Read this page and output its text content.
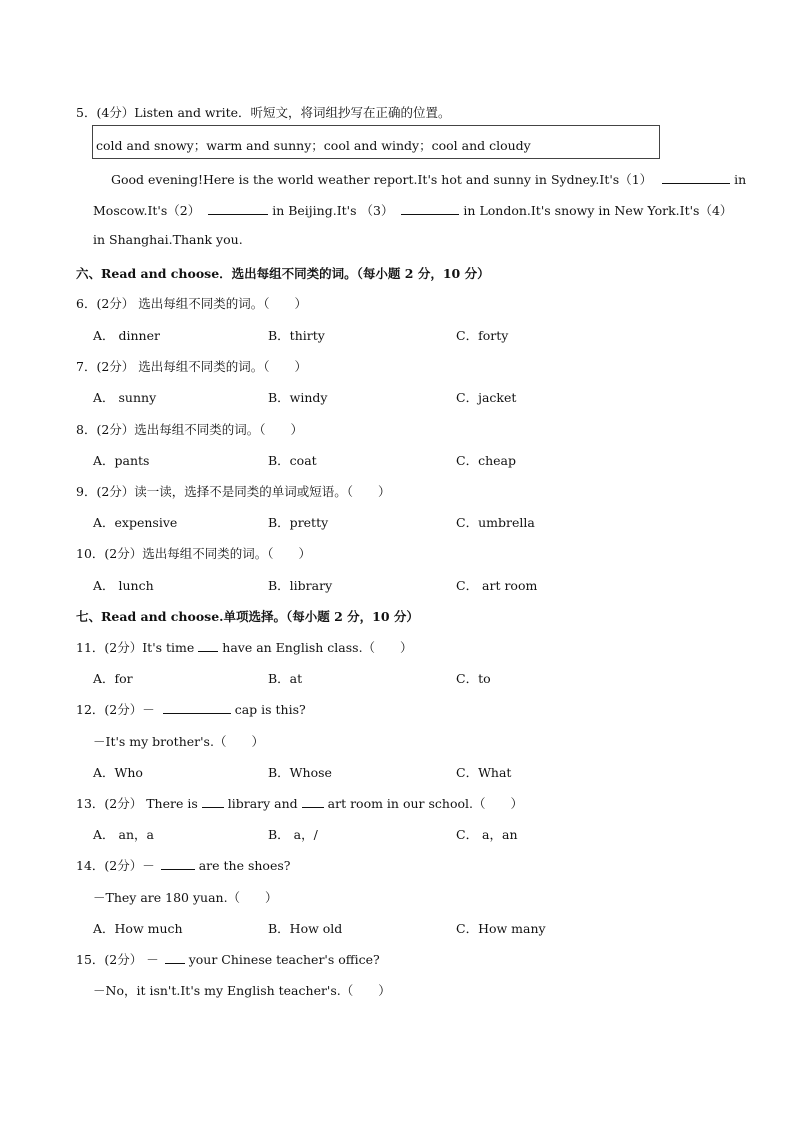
5．(4分）Listen and write．听短文，将词组抄写在正确的位置。
cold and snowy；warm and sunny；cool and windy；cool and cloudy
Good evening!Here is the world weather report.It's hot and sunny in Sydney.It's（1）	in
Moscow.It's（2）	in Beijing.It's （3）	in London.It's snowy in New York.It's（4）
in Shanghai.Thank you.
六、Read and choose．选出每组不同类的词。（每小题 2 分，10 分）
6．(2分） 选出每组不同类的词。（　　）
A． dinner	B．thirty	C．forty
7．(2分） 选出每组不同类的词。（　　）
A． sunny	B．windy	C．jacket
8．(2分）选出每组不同类的词。（　　）
A．pants	B．coat	C．cheap
9．(2分）读一读，选择不是同类的单词或短语。（　　）
A．expensive	B．pretty	C．umbrella
10．(2分）选出每组不同类的词。（　　）
A． lunch	B．library	C． art room
七、Read and choose.单项选择。（每小题 2 分，10 分）
11．(2分）It's time have an English class.（　　）
A．for	B．at	C．to
12．(2分）－	cap is this?
－It's my brother's.（　　）
A．Who	B．Whose	C．What
13．(2分） There is library and art room in our school.（　　）
A． an，a	B． a，/	C． a，an
14．(2分）－	are the shoes?
－They are 180 yuan.（　　）
A．How much	B．How old	C．How many
15．(2分） － your Chinese teacher's office?
－No，it isn't.It's my English teacher's.（　　）
